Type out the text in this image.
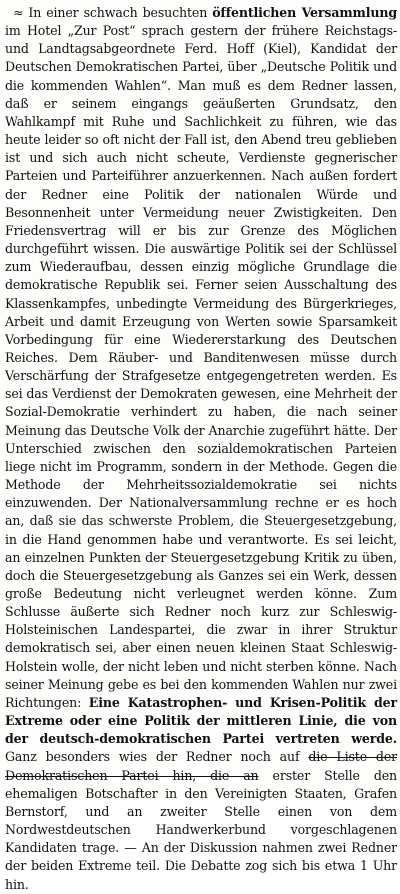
≈ In einer schwach besuchten öffentlichen Versammlung im Hotel „Zur Post“ sprach gestern der frühere Reichstags- und Landtagsabgeordnete Ferd. Hoff (Kiel), Kandidat der Deutschen Demokratischen Partei, über „Deutsche Politik und die kommenden Wahlen“. Man muß es dem Redner lassen, daß er seinem eingangs geäußerten Grundsatz, den Wahlkampf mit Ruhe und Sachlichkeit zu führen, wie das heute leider so oft nicht der Fall ist, den Abend treu geblieben ist und sich auch nicht scheute, Verdienste gegnerischer Parteien und Parteiführer anzuerkennen. Nach außen fordert der Redner eine Politik der nationalen Würde und Besonnenheit unter Vermeidung neuer Zwistigkeiten. Den Friedensvertrag will er bis zur Grenze des Möglichen durchgeführt wissen. Die auswärtige Politik sei der Schlüssel zum Wiederaufbau, dessen einzig mögliche Grundlage die demokratische Republik sei. Ferner seien Ausschaltung des Klassenkampfes, unbedingte Vermeidung des Bürgerkrieges, Arbeit und damit Erzeugung von Werten sowie Sparsamkeit Vorbedingung für eine Wiedererstarkung des Deutschen Reiches. Dem Räuber- und Banditenwesen müsse durch Verschärfung der Strafgesetze entgegengetreten werden. Es sei das Verdienst der Demokraten gewesen, eine Mehrheit der Sozial-Demokratie verhindert zu haben, die nach seiner Meinung das Deutsche Volk der Anarchie zugeführt hätte. Der Unterschied zwischen den sozialdemokratischen Parteien liege nicht im Programm, sondern in der Methode. Gegen die Methode der Mehrheitssozialdemokratie sei nichts einzuwenden. Der Nationalversammlung rechne er es hoch an, daß sie das schwerste Problem, die Steuergesetzgebung, in die Hand genommen habe und verantworte. Es sei leicht, an einzelnen Punkten der Steuergesetzgebung Kritik zu üben, doch die Steuergesetzgebung als Ganzes sei ein Werk, dessen große Bedeutung nicht verleugnet werden könne. Zum Schlusse äußerte sich Redner noch kurz zur Schleswig-Holsteinischen Landespartei, die zwar in ihrer Struktur demokratisch sei, aber einen neuen kleinen Staat Schleswig-Holstein wolle, der nicht leben und nicht sterben könne. Nach seiner Meinung gebe es bei den kommenden Wahlen nur zwei Richtungen: Eine Katastrophen- und Krisen-Politik der Extreme oder eine Politik der mittleren Linie, die von der deutsch-demokratischen Partei vertreten werde. Ganz besonders wies der Redner noch auf die Liste der Demokratischen Partei hin, die an erster Stelle den ehemaligen Botschafter in den Vereinigten Staaten, Grafen Bernstorf, und an zweiter Stelle einen von dem Nordwestdeutschen Handwerkerbund vorgeschlagenen Kandidaten trage. — An der Diskussion nahmen zwei Redner der beiden Extreme teil. Die Debatte zog sich bis etwa 1 Uhr hin.
